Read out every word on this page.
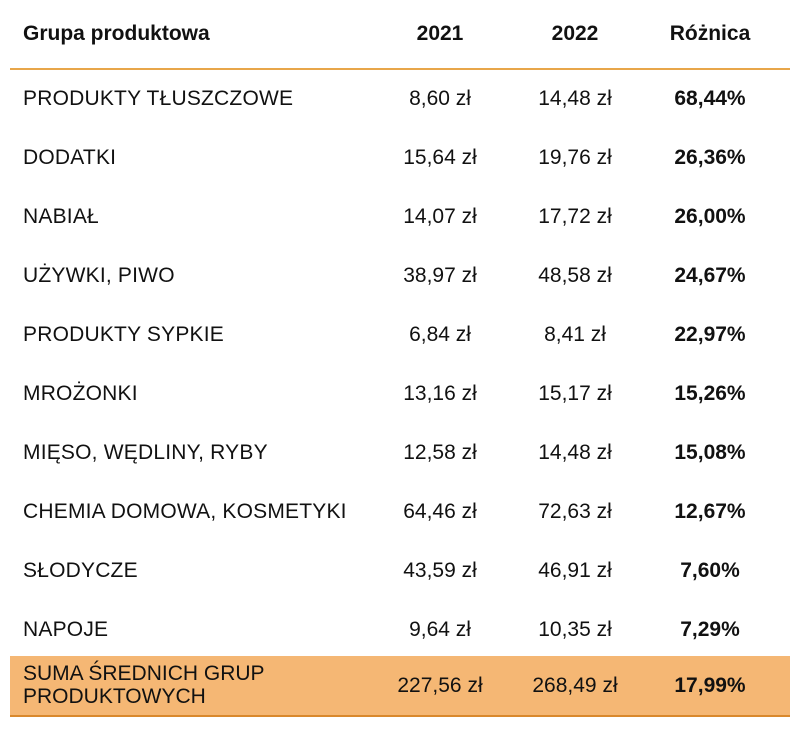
Grupa produktowa	2021	2022	Różnica
PRODUKTY TŁUSZCZOWE	8,60 zł	14,48 zł	68,44%
DODATKI	15,64 zł	19,76 zł	26,36%
NABIAŁ	14,07 zł	17,72 zł	26,00%
UŻYWKI, PIWO	38,97 zł	48,58 zł	24,67%
PRODUKTY SYPKIE	6,84 zł	8,41 zł	22,97%
MROŻONKI	13,16 zł	15,17 zł	15,26%
MIĘSO, WĘDLINY, RYBY	12,58 zł	14,48 zł	15,08%
CHEMIA DOMOWA, KOSMETYKI	64,46 zł	72,63 zł	12,67%
SŁODYCZE	43,59 zł	46,91 zł	7,60%
NAPOJE	9,64 zł	10,35 zł	7,29%
SUMA ŚREDNICH GRUP
PRODUKTOWYCH	227,56 zł	268,49 zł	17,99%
